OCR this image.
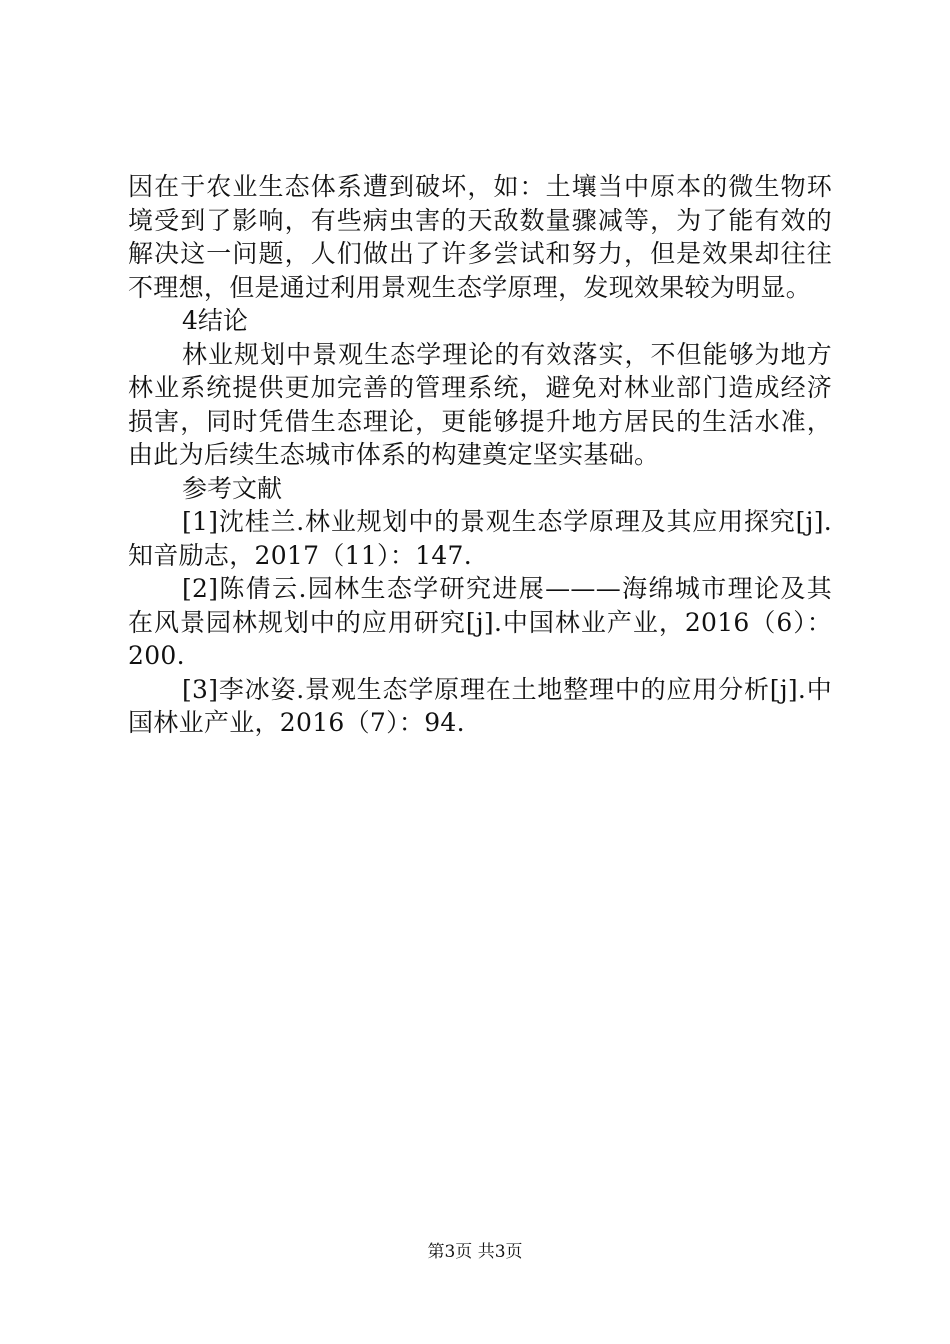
因在于农业生态体系遭到破坏，如：土壤当中原本的微生物环境受到了影响，有些病虫害的天敌数量骤减等，为了能有效的解决这一问题，人们做出了许多尝试和努力，但是效果却往往不理想，但是通过利用景观生态学原理，发现效果较为明显。

4结论

林业规划中景观生态学理论的有效落实，不但能够为地方林业系统提供更加完善的管理系统，避免对林业部门造成经济损害，同时凭借生态理论，更能够提升地方居民的生活水准，由此为后续生态城市体系的构建奠定坚实基础。

参考文献

[1]沈桂兰.林业规划中的景观生态学原理及其应用探究[j].知音励志，2017（11）：147.

[2]陈倩云.园林生态学研究进展———海绵城市理论及其在风景园林规划中的应用研究[j].中国林业产业，2016（6）：200.

[3]李冰姿.景观生态学原理在土地整理中的应用分析[j].中国林业产业，2016（7）：94.

第3页 共3页
